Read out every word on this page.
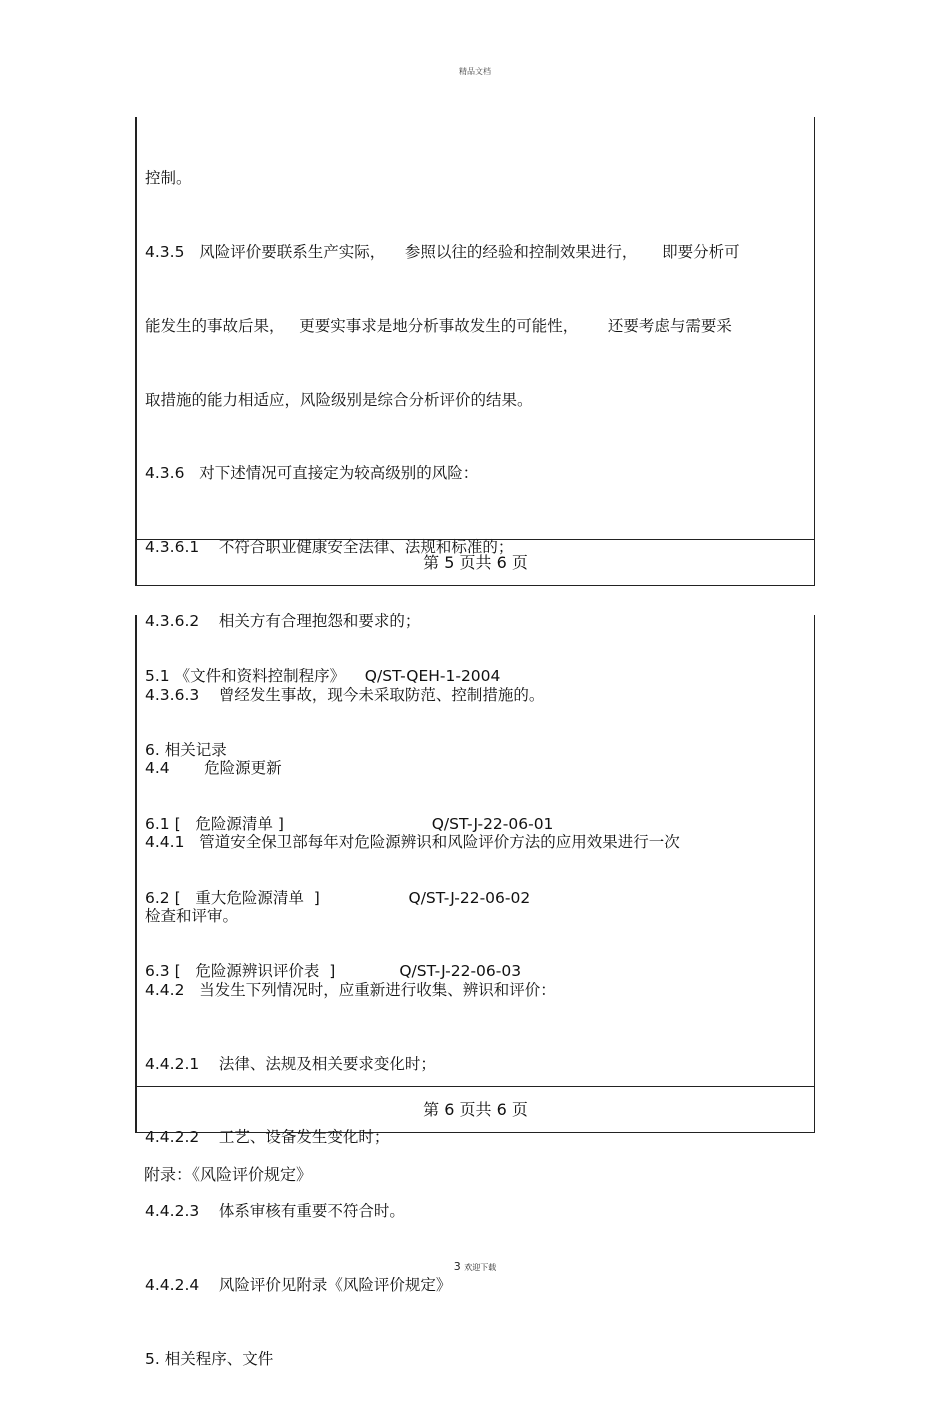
精品文档

控制。

4.3.5   风险评价要联系生产实际，    参照以往的经验和控制效果进行，     即要分析可

能发生的事故后果，   更要实事求是地分析事故发生的可能性，      还要考虑与需要采

取措施的能力相适应，风险级别是综合分析评价的结果。

4.3.6   对下述情况可直接定为较高级别的风险：

4.3.6.1    不符合职业健康安全法律、法规和标准的；

4.3.6.2    相关方有合理抱怨和要求的；

4.3.6.3    曾经发生事故，现今未采取防范、控制措施的。

4.4       危险源更新

4.4.1   管道安全保卫部每年对危险源辨识和风险评价方法的应用效果进行一次

检查和评审。

4.4.2   当发生下列情况时，应重新进行收集、辨识和评价：

4.4.2.1    法律、法规及相关要求变化时；

4.4.2.2    工艺、设备发生变化时；

4.4.2.3    体系审核有重要不符合时。

4.4.2.4    风险评价见附录《风险评价规定》

5. 相关程序、文件

第 5 页共 6 页

5.1 《文件和资料控制程序》    Q/ST-QEH-1-2004

6. 相关记录

6.1 [   危险源清单 ]                              Q/ST-J-22-06-01

6.2 [   重大危险源清单  ]                  Q/ST-J-22-06-02

6.3 [   危险源辨识评价表  ]             Q/ST-J-22-06-03

第 6 页共 6 页
附录：《风险评价规定》
3 欢迎下载
